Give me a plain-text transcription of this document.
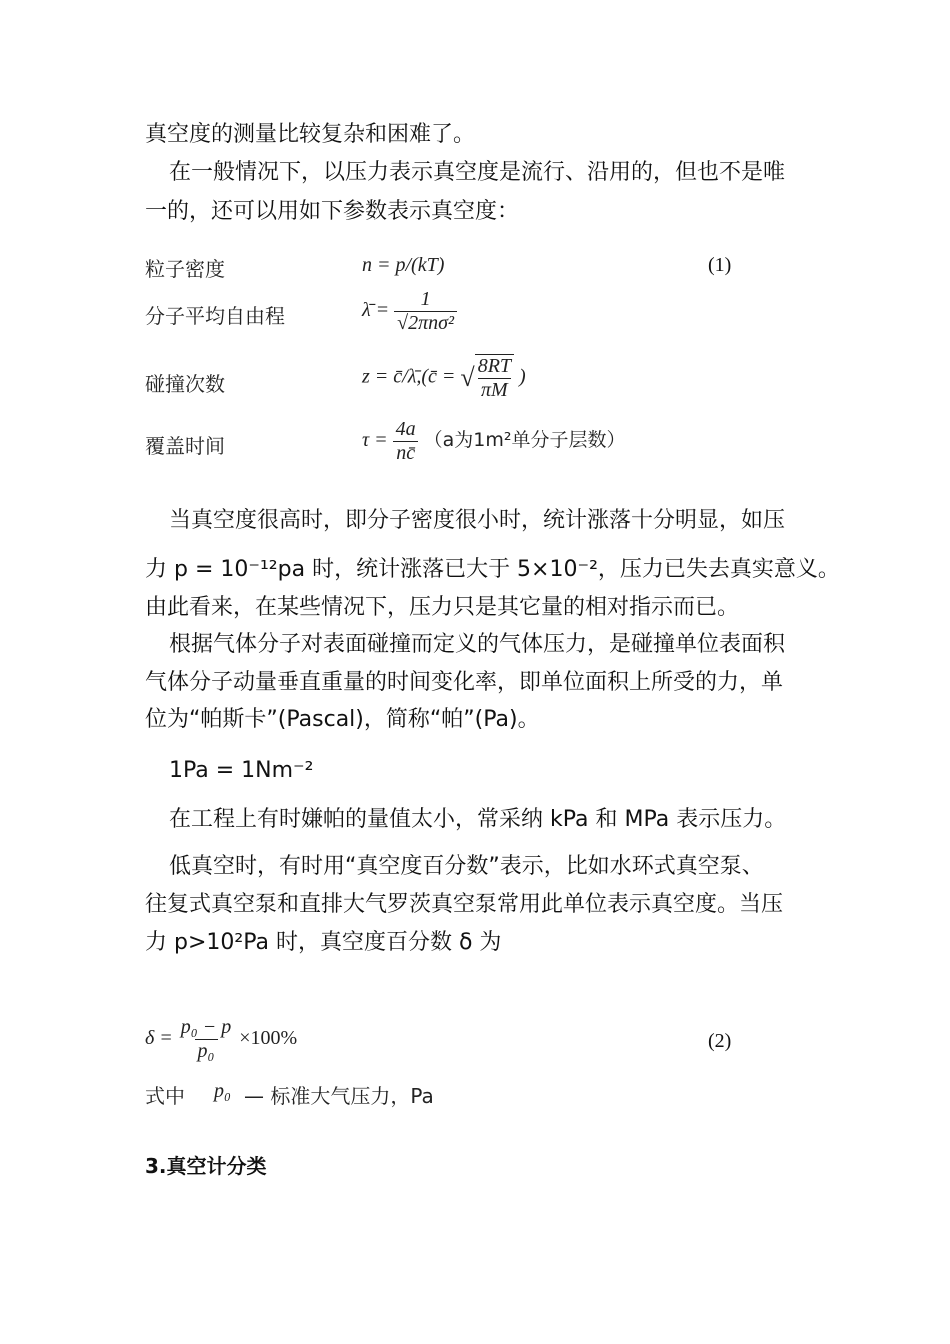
真空度的测量比较复杂和困难了。
在一般情况下，以压力表示真空度是流行、沿用的，但也不是唯
一的，还可以用如下参数表示真空度：
粒子密度	n = p/(kT)	(1)
分子平均自由程	λ̄ = $\frac{1}{\text{√2πnσ²}}$
碰撞次数	z = c̄/λ̄,(c̄ = √ $\frac{8RT}{\pi M}$ )
覆盖时间	$\tau = \frac{4a}{nc̄} (a$为1m²单分子层数）
当真空度很高时，即分子密度很小时，统计涨落十分明显，如压
力 p = 10⁻¹²pa 时，统计涨落已大于 5×10⁻²，压力已失去真实意义。
由此看来，在某些情况下，压力只是其它量的相对指示而已。
根据气体分子对表面碰撞而定义的气体压力，是碰撞单位表面积
气体分子动量垂直重量的时间变化率，即单位面积上所受的力，单
位为“帕斯卡”(Pascal)，简称“帕”(Pa)。
1Pa = 1Nm⁻²
在工程上有时嫌帕的量值太小，常采纳 kPa 和 MPa 表示压力。
低真空时，有时用“真空度百分数”表示，比如水环式真空泵、
往复式真空泵和直排大气罗茨真空泵常用此单位表示真空度。当压
力 p>10²Pa 时，真空度百分数 δ 为
$\delta = \frac{\text{p₀ − p}}{\text{p₀}} \times 100\%$	(2)
式中 p₀ — 标准大气压力，Pa
3.真空计分类
